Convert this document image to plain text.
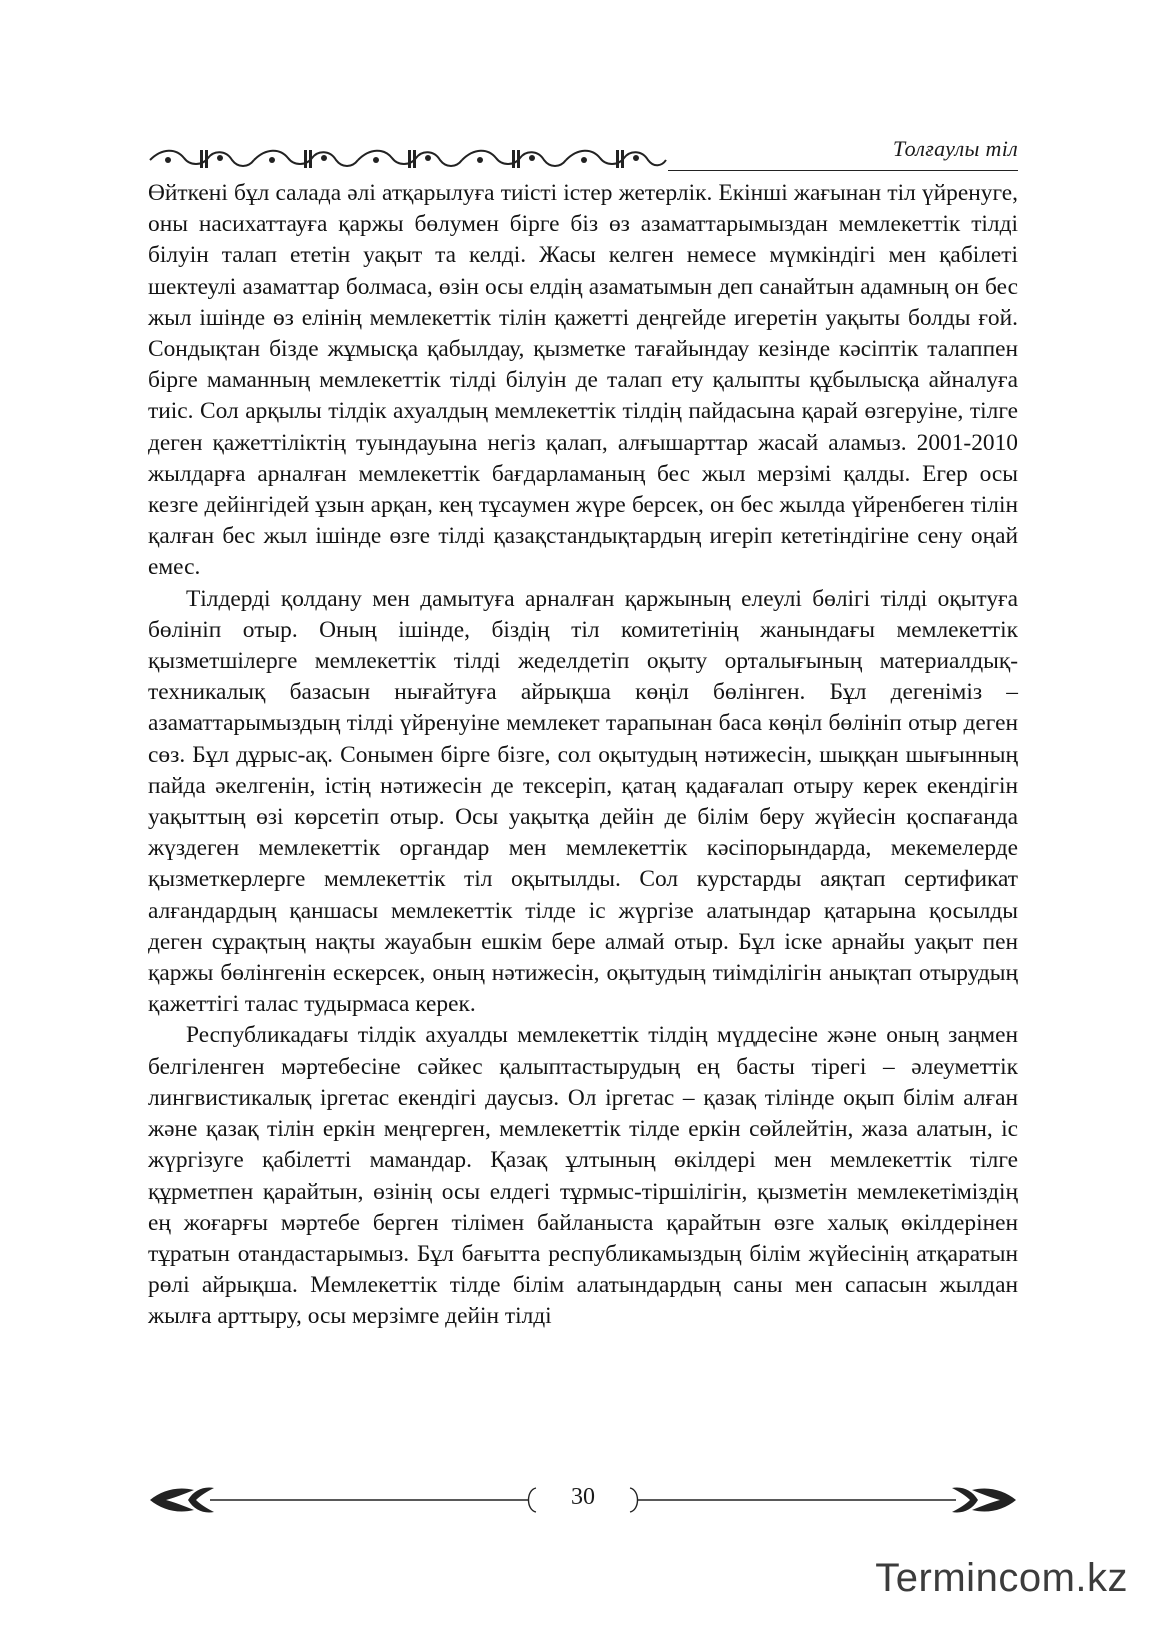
Толғаулы тіл

Өйткені бұл салада әлі атқарылуға тиісті істер жетерлік. Екінші жағынан тіл үйренуге, оны насихаттауға қаржы бөлумен бірге біз өз азаматтарымыздан мемлекеттік тілді білуін талап ететін уақыт та келді. Жасы келген немесе мүмкіндігі мен қабілеті шектеулі азаматтар болмаса, өзін осы елдің азаматымын деп санайтын адамның он бес жыл ішінде өз елінің мемлекеттік тілін қажетті деңгейде игеретін уақыты болды ғой. Сондықтан бізде жұмысқа қабылдау, қызметке тағайындау кезінде кәсіптік талаппен бірге маманның мемлекеттік тілді білуін де талап ету қалыпты құбылысқа айналуға тиіс. Сол арқылы тілдік ахуалдың мемлекеттік тілдің пайдасына қарай өзгеруіне, тілге деген қажеттіліктің туындауына негіз қалап, алғышарттар жасай аламыз. 2001-2010 жылдарға арналған мемлекеттік бағдарламаның бес жыл мерзімі қалды. Егер осы кезге дейінгідей ұзын арқан, кең тұсаумен жүре берсек, он бес жылда үйренбеген тілін қалған бес жыл ішінде өзге тілді қазақстандықтардың игеріп кететіндігіне сену оңай емес.

Тілдерді қолдану мен дамытуға арналған қаржының елеулі бөлігі тілді оқытуға бөлініп отыр. Оның ішінде, біздің тіл комитетінің жанындағы мемлекеттік қызметшілерге мемлекеттік тілді жеделдетіп оқыту орталығының материалдық-техникалық базасын нығайтуға айрықша көңіл бөлінген. Бұл дегеніміз – азаматтарымыздың тілді үйренуіне мемлекет тарапынан баса көңіл бөлініп отыр деген сөз. Бұл дұрыс-ақ. Сонымен бірге бізге, сол оқытудың нәтижесін, шыққан шығынның пайда әкелгенін, істің нәтижесін де тексеріп, қатаң қадағалап отыру керек екендігін уақыттың өзі көрсетіп отыр. Осы уақытқа дейін де білім беру жүйесін қоспағанда жүздеген мемлекеттік органдар мен мемлекеттік кәсіпорындарда, мекемелерде қызметкерлерге мемлекеттік тіл оқытылды. Сол курстарды аяқтап сертификат алғандардың қаншасы мемлекеттік тілде іс жүргізе алатындар қатарына қосылды деген сұрақтың нақты жауабын ешкім бере алмай отыр. Бұл іске арнайы уақыт пен қаржы бөлінгенін ескерсек, оның нәтижесін, оқытудың тиімділігін анықтап отырудың қажеттігі талас тудырмаса керек.

Республикадағы тілдік ахуалды мемлекеттік тілдің мүддесіне және оның заңмен белгіленген мәртебесіне сәйкес қалыптастырудың ең басты тірегі – әлеуметтік лингвистикалық іргетас екендігі даусыз. Ол іргетас – қазақ тілінде оқып білім алған және қазақ тілін еркін меңгерген, мемлекеттік тілде еркін сөйлейтін, жаза алатын, іс жүргізуге қабілетті мамандар. Қазақ ұлтының өкілдері мен мемлекеттік тілге құрметпен қарайтын, өзінің осы елдегі тұрмыс-тіршілігін, қызметін мемлекетіміздің ең жоғарғы мәртебе берген тілімен байланыста қарайтын өзге халық өкілдерінен тұратын отандастарымыз. Бұл бағытта республикамыздың білім жүйесінің атқаратын рөлі айрықша. Мемлекеттік тілде білім алатындардың саны мен сапасын жылдан жылға арттыру, осы мерзімге дейін тілді

30
Termincom.kz
